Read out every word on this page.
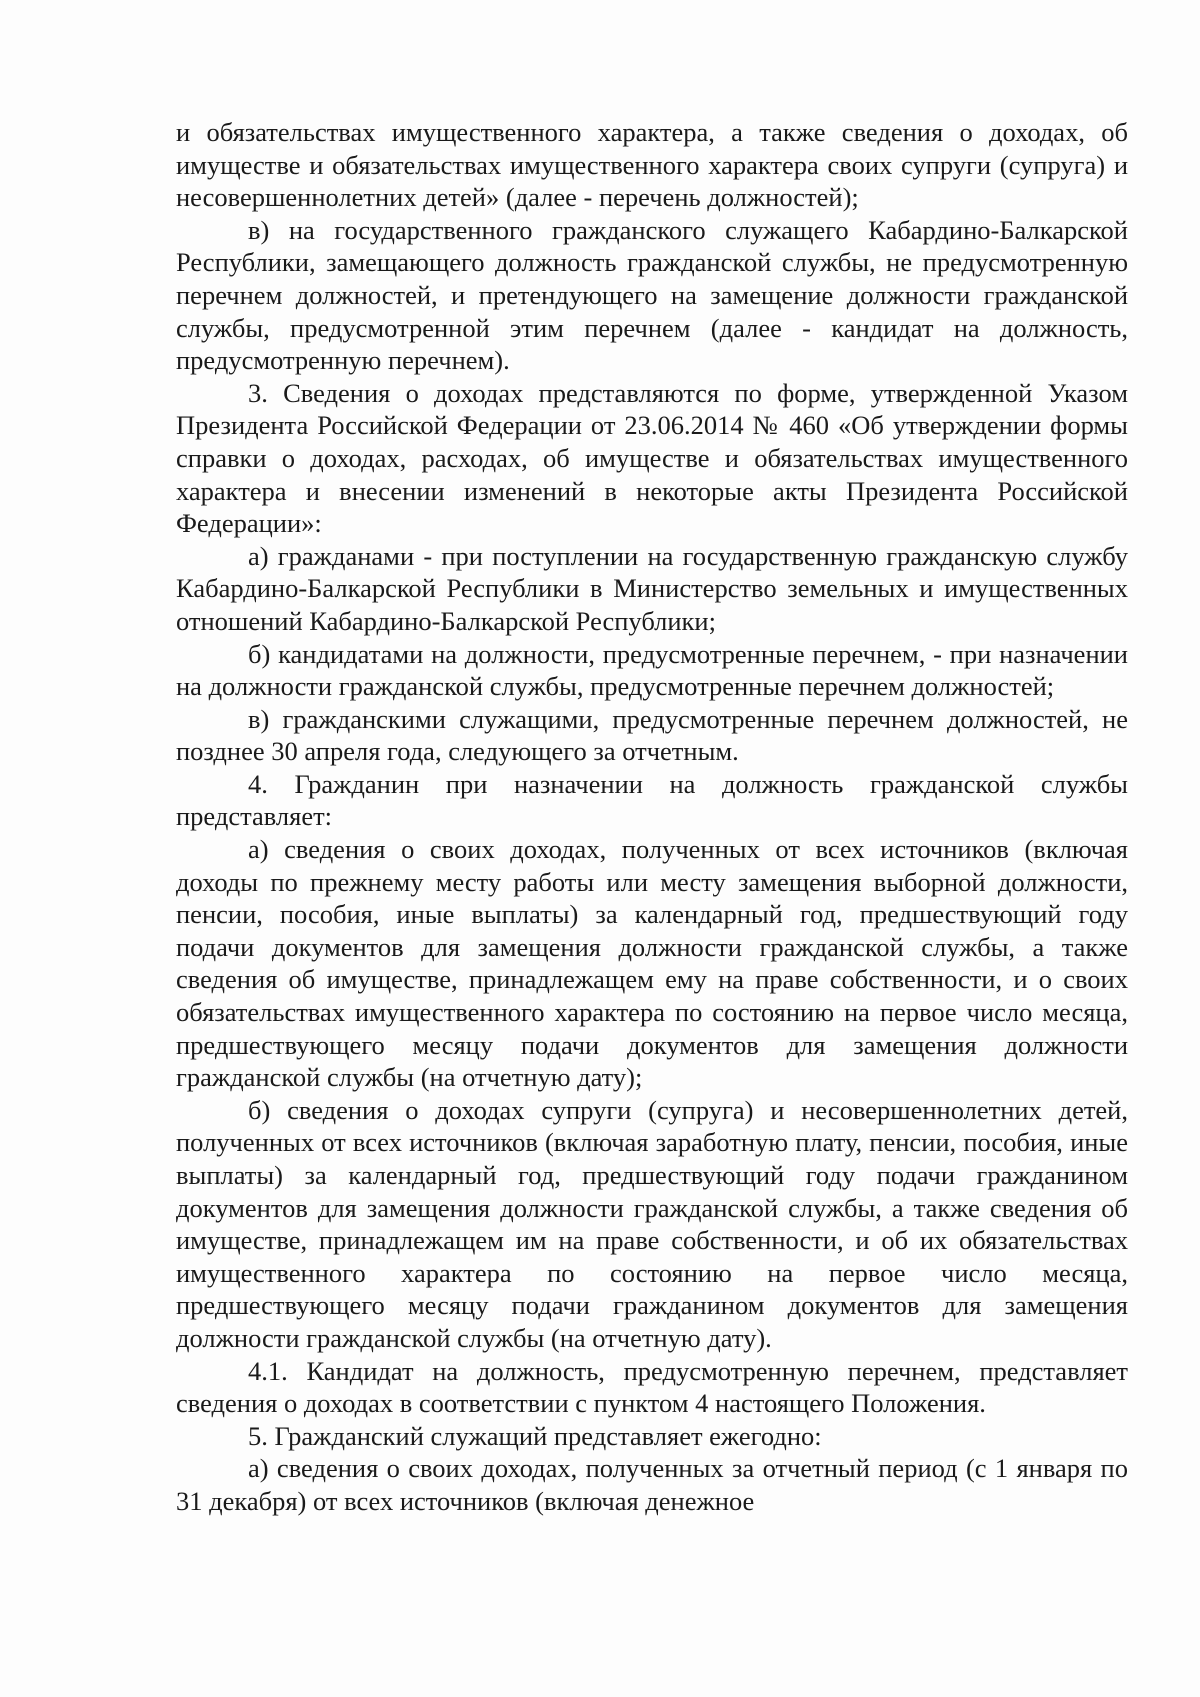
и обязательствах имущественного характера, а также сведения о доходах, об имуществе и обязательствах имущественного характера своих супруги (супруга) и несовершеннолетних детей» (далее - перечень должностей);

в) на государственного гражданского служащего Кабардино-Балкарской Республики, замещающего должность гражданской службы, не предусмотренную перечнем должностей, и претендующего на замещение должности гражданской службы, предусмотренной этим перечнем (далее - кандидат на должность, предусмотренную перечнем).

3. Сведения о доходах представляются по форме, утвержденной Указом Президента Российской Федерации от 23.06.2014 № 460 «Об утверждении формы справки о доходах, расходах, об имуществе и обязательствах имущественного характера и внесении изменений в некоторые акты Президента Российской Федерации»:

а) гражданами - при поступлении на государственную гражданскую службу Кабардино-Балкарской Республики в Министерство земельных и имущественных отношений Кабардино-Балкарской Республики;

б) кандидатами на должности, предусмотренные перечнем, - при назначении на должности гражданской службы, предусмотренные перечнем должностей;

в) гражданскими служащими, предусмотренные перечнем должностей, не позднее 30 апреля года, следующего за отчетным.

4. Гражданин при назначении на должность гражданской службы представляет:

а) сведения о своих доходах, полученных от всех источников (включая доходы по прежнему месту работы или месту замещения выборной должности, пенсии, пособия, иные выплаты) за календарный год, предшествующий году подачи документов для замещения должности гражданской службы, а также сведения об имуществе, принадлежащем ему на праве собственности, и о своих обязательствах имущественного характера по состоянию на первое число месяца, предшествующего месяцу подачи документов для замещения должности гражданской службы (на отчетную дату);

б) сведения о доходах супруги (супруга) и несовершеннолетних детей, полученных от всех источников (включая заработную плату, пенсии, пособия, иные выплаты) за календарный год, предшествующий году подачи гражданином документов для замещения должности гражданской службы, а также сведения об имуществе, принадлежащем им на праве собственности, и об их обязательствах имущественного характера по состоянию на первое число месяца, предшествующего месяцу подачи гражданином документов для замещения должности гражданской службы (на отчетную дату).

4.1. Кандидат на должность, предусмотренную перечнем, представляет сведения о доходах в соответствии с пунктом 4 настоящего Положения.

5. Гражданский служащий представляет ежегодно:

а) сведения о своих доходах, полученных за отчетный период (с 1 января по 31 декабря) от всех источников (включая денежное
